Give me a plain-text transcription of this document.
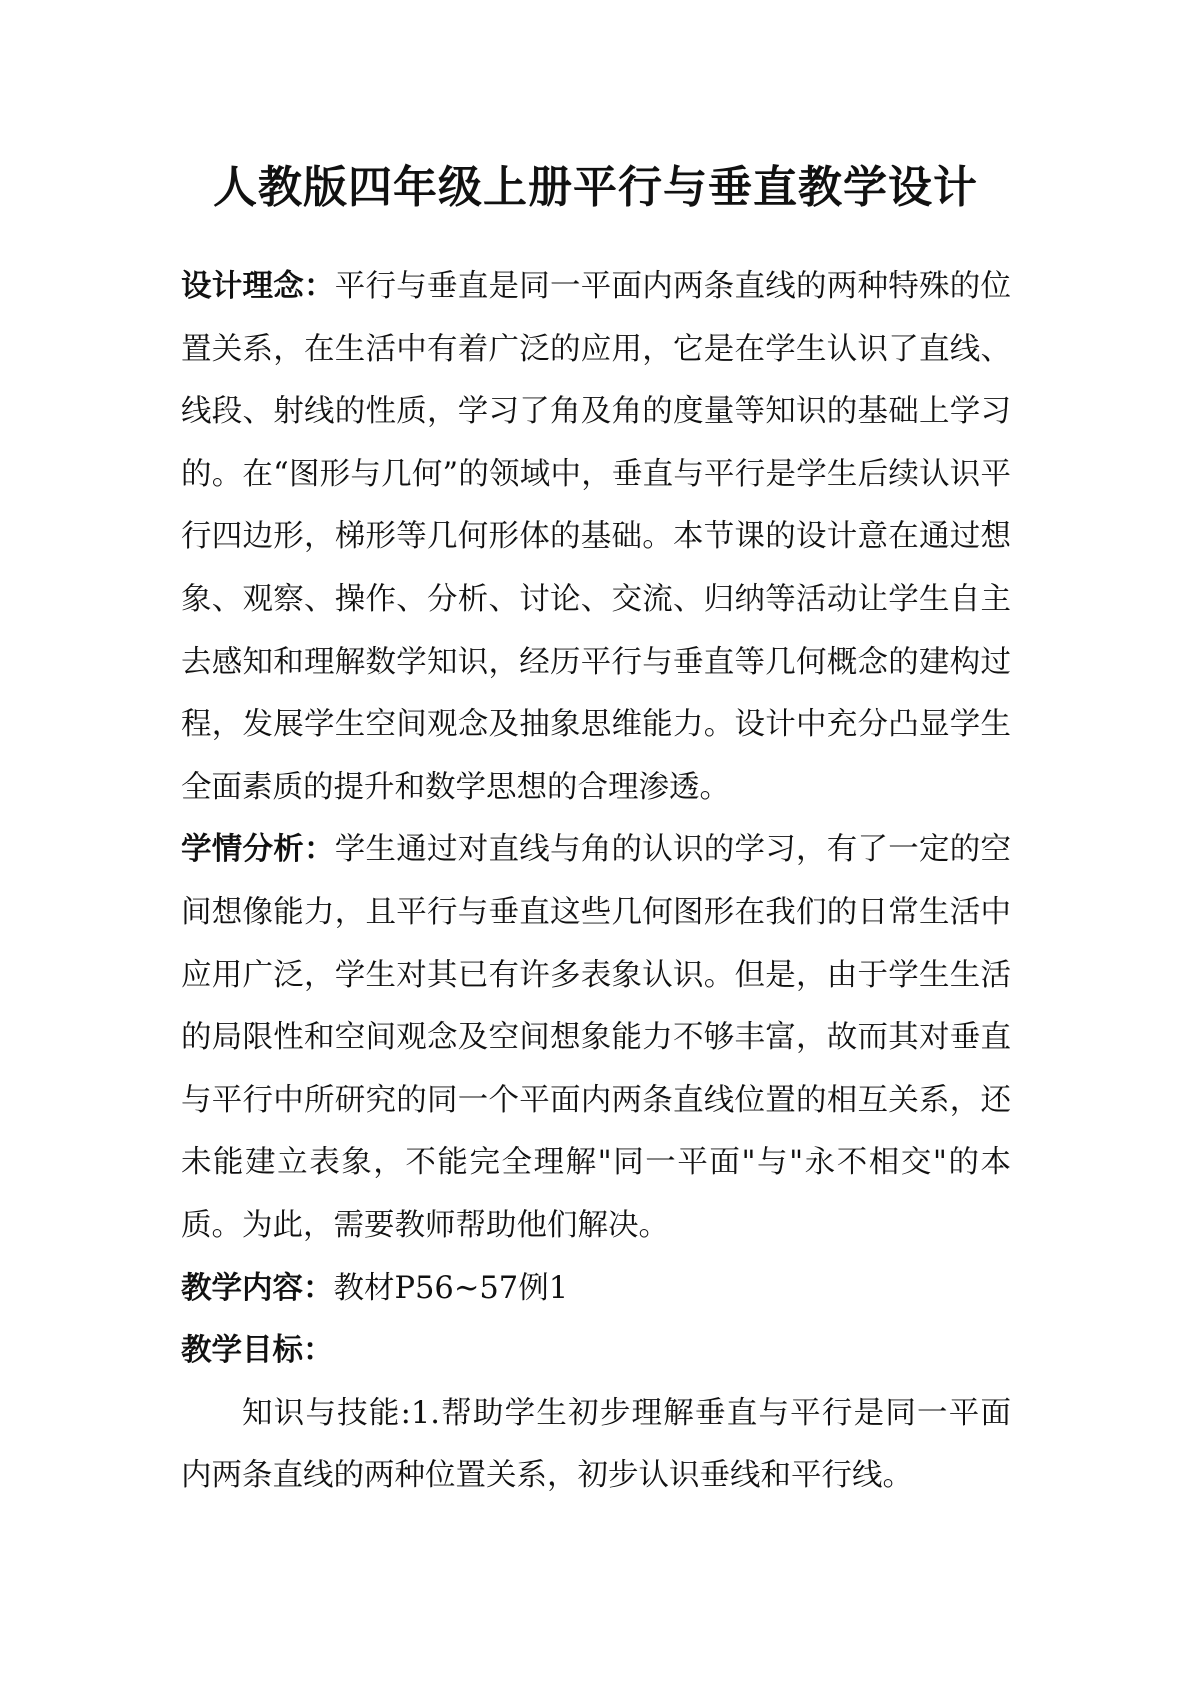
人教版四年级上册平行与垂直教学设计

设计理念：平行与垂直是同一平面内两条直线的两种特殊的位置关系，在生活中有着广泛的应用，它是在学生认识了直线、线段、射线的性质，学习了角及角的度量等知识的基础上学习的。在“图形与几何”的领域中，垂直与平行是学生后续认识平行四边形，梯形等几何形体的基础。本节课的设计意在通过想象、观察、操作、分析、讨论、交流、归纳等活动让学生自主去感知和理解数学知识，经历平行与垂直等几何概念的建构过程，发展学生空间观念及抽象思维能力。设计中充分凸显学生全面素质的提升和数学思想的合理渗透。

学情分析：学生通过对直线与角的认识的学习，有了一定的空间想像能力，且平行与垂直这些几何图形在我们的日常生活中应用广泛，学生对其已有许多表象认识。但是，由于学生生活的局限性和空间观念及空间想象能力不够丰富，故而其对垂直与平行中所研究的同一个平面内两条直线位置的相互关系，还未能建立表象，不能完全理解"同一平面"与"永不相交"的本质。为此，需要教师帮助他们解决。

教学内容：教材P56~57例1

教学目标：

知识与技能:1.帮助学生初步理解垂直与平行是同一平面内两条直线的两种位置关系，初步认识垂线和平行线。
